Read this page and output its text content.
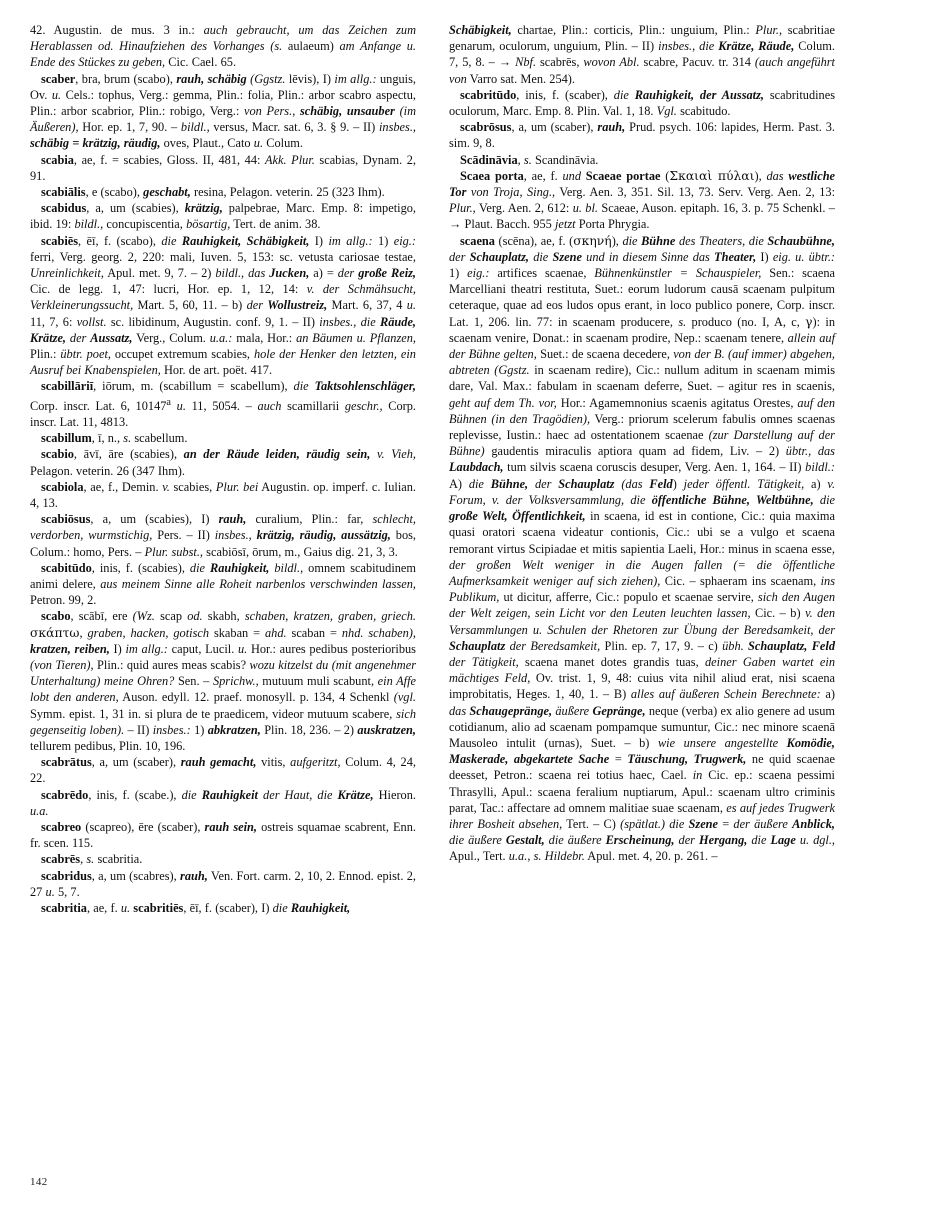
42. Augustin. de mus. 3 in.: auch gebraucht, um das Zeichen zum Herablassen od. Hinaufziehen des Vorhanges (s. aulaeum) am Anfange u. Ende des Stückes zu geben, Cic. Cael. 65.

scaber, bra, brum (scabo), rauh, schäbig (Ggstz. lēvis), I) im allg.: unguis, Ov. u. Cels.: tophus, Verg.: gemma, Plin.: folia, Plin.: arbor scabro aspectu, Plin.: arbor scabrior, Plin.: robigo, Verg.: von Pers., schäbig, unsauber (im Äußeren), Hor. ep. 1, 7, 90. – bildl., versus, Macr. sat. 6, 3. § 9. – II) insbes., schäbig = krätzig, räudig, oves, Plaut., Cato u. Colum.

scabia, ae, f. = scabies, Gloss. II, 481, 44: Akk. Plur. scabias, Dynam. 2, 91.

scabiālis, e (scabo), geschabt, resina, Pelagon. veterin. 25 (323 Ihm).

scabidus, a, um (scabies), krätzig, palpebrae, Marc. Emp. 8: impetigo, ibid. 19: bildl., concupiscentia, bösartig, Tert. de anim. 38.

scabiēs, ēī, f. (scabo), die Rauhigkeit, Schäbigkeit, I) im allg.: 1) eig.: ferri, Verg. georg. 2, 220: mali, Iuven. 5, 153: sc. vetusta cariosae testae, Unreinlichkeit, Apul. met. 9, 7. – 2) bildl., das Jucken, a) = der große Reiz, Cic. de legg. 1, 47: lucri, Hor. ep. 1, 12, 14: v. der Schmähsucht, Verkleinerungssucht, Mart. 5, 60, 11. – b) der Wollustreiz, Mart. 6, 37, 4 u. 11, 7, 6: vollst. sc. libidinum, Augustin. conf. 9, 1. – II) insbes., die Räude, Krätze, der Aussatz, Verg., Colum. u.a.: mala, Hor.: an Bäumen u. Pflanzen, Plin.: übtr. poet, occupet extremum scabies, hole der Henker den letzten, ein Ausruf bei Knabenspielen, Hor. de art. poët. 417.

scabillāriī, iōrum, m. (scabillum = scabellum), die Taktsohlenschläger, Corp. inscr. Lat. 6, 10147$^a$ u. 11, 5054. – auch scamillarii geschr., Corp. inscr. Lat. 11, 4813.

scabillum, ī, n., s. scabellum.

scabio, āvī, āre (scabies), an der Räude leiden, räudig sein, v. Vieh, Pelagon. veterin. 26 (347 Ihm).

scabiola, ae, f., Demin. v. scabies, Plur. bei Augustin. op. imperf. c. Iulian. 4, 13.

scabiōsus, a, um (scabies), I) rauh, curalium, Plin.: far, schlecht, verdorben, wurmstichig, Pers. – II) insbes., krätzig, räudig, aussätzig, bos, Colum.: homo, Pers. – Plur. subst., scabiōsī, ōrum, m., Gaius dig. 21, 3, 3.

scabitūdo, inis, f. (scabies), die Rauhigkeit, bildl., omnem scabitudinem animi delere, aus meinem Sinne alle Roheit narbenlos verschwinden lassen, Petron. 99, 2.

scabo, scābī, ere (Wz. scap od. skabh, schaben, kratzen, graben, griech. σκάπτω, graben, hacken, gotisch skaban = ahd. scaban = nhd. schaben), kratzen, reiben, I) im allg.: caput, Lucil. u. Hor.: aures pedibus posterioribus (von Tieren), Plin.: quid aures meas scabis? wozu kitzelst du (mit angenehmer Unterhaltung) meine Ohren? Sen. – Sprichw., mutuum muli scabunt, ein Affe lobt den anderen, Auson. edyll. 12. praef. monosyll. p. 134, 4 Schenkl (vgl. Symm. epist. 1, 31 in. si plura de te praedicem, videor mutuum scabere, sich gegenseitig loben). – II) insbes.: 1) abkratzen, Plin. 18, 236. – 2) auskratzen, tellurem pedibus, Plin. 10, 196.

scabrātus, a, um (scaber), rauh gemacht, vitis, aufgeritzt, Colum. 4, 24, 22.

scabrēdo, inis, f. (scabe.), die Rauhigkeit der Haut, die Krätze, Hieron. u.a.

scabreo (scapreo), ēre (scaber), rauh sein, ostreis squamae scabrent, Enn. fr. scen. 115.

scabrēs, s. scabritia.

scabridus, a, um (scabres), rauh, Ven. Fort. carm. 2, 10, 2. Ennod. epist. 2, 27 u. 5, 7.

scabritia, ae, f. u. scabritiēs, ēī, f. (scaber), I) die Rauhigkeit,

Schäbigkeit, chartae, Plin.: corticis, Plin.: unguium, Plin.: Plur., scabritiae genarum, oculorum, unguium, Plin. – II) insbes., die Krätze, Räude, Colum. 7, 5, 8. – → Nbf. scabrēs, wovon Abl. scabre, Pacuv. tr. 314 (auch angeführt von Varro sat. Men. 254).

scabritūdo, inis, f. (scaber), die Rauhigkeit, der Aussatz, scabritudines oculorum, Marc. Emp. 8. Plin. Val. 1, 18. Vgl. scabitudo.

scabrōsus, a, um (scaber), rauh, Prud. psych. 106: lapides, Herm. Past. 3. sim. 9, 8.

Scādināvia, s. Scandināvia.

Scaea porta, ae, f. und Scaeae portae (Σκαιαὶ πύλαι), das westliche Tor von Troja, Sing., Verg. Aen. 3, 351. Sil. 13, 73. Serv. Verg. Aen. 2, 13: Plur., Verg. Aen. 2, 612: u. bl. Scaeae, Auson. epitaph. 16, 3. p. 75 Schenkl. – → Plaut. Bacch. 955 jetzt Porta Phrygia.

scaena (scēna), ae, f. (σκηνή), die Bühne des Theaters, die Schaubühne, der Schauplatz, die Szene und in diesem Sinne das Theater, I) eig. u. übtr.: 1) eig.: artifices scaenae, Bühnenkünstler = Schauspieler, Sen.: scaena Marcelliani theatri restituta, Suet.: eorum ludorum causā scaenam pulpitum ceteraque, quae ad eos ludos opus erant, in loco publico ponere, Corp. inscr. Lat. 1, 206. lin. 77: in scaenam producere, s. produco (no. I, A, c, γ): in scaenam venire, Donat.: in scaenam prodire, Nep.: scaenam tenere, allein auf der Bühne gelten, Suet.: de scaena decedere, von der B. (auf immer) abgehen, abtreten (Ggstz. in scaenam redire), Cic.: nullum aditum in scaenam mimis dare, Val. Max.: fabulam in scaenam deferre, Suet. – agitur res in scaenis, geht auf dem Th. vor, Hor.: Agamemnonius scaenis agitatus Orestes, auf den Bühnen (in den Tragödien), Verg.: priorum scelerum fabulis omnes scaenas replevisse, Iustin.: haec ad ostentationem scaenae (zur Darstellung auf der Bühne) gaudentis miraculis aptiora quam ad fidem, Liv. – 2) übtr., das Laubdach, tum silvis scaena coruscis desuper, Verg. Aen. 1, 164. – II) bildl.: A) die Bühne, der Schauplatz (das Feld) jeder öffentl. Tätigkeit, a) v. Forum, v. der Volksversammlung, die öffentliche Bühne, Weltbühne, die große Welt, Öffentlichkeit, in scaena, id est in contione, Cic.: quia maxima quasi oratori scaena videatur contionis, Cic.: ubi se a vulgo et scaena remorant virtus Scipiadae et mitis sapientia Laeli, Hor.: minus in scaena esse, der großen Welt weniger in die Augen fallen (= die öffentliche Aufmerksamkeit weniger auf sich ziehen), Cic. – sphaeram ins scaenam, ins Publikum, ut dicitur, afferre, Cic.: populo et scaenae servire, sich den Augen der Welt zeigen, sein Licht vor den Leuten leuchten lassen, Cic. – b) v. den Versammlungen u. Schulen der Rhetoren zur Übung der Beredsamkeit, der Schauplatz der Beredsamkeit, Plin. ep. 7, 17, 9. – c) übh. Schauplatz, Feld der Tätigkeit, scaena manet dotes grandis tuas, deiner Gaben wartet ein mächtiges Feld, Ov. trist. 1, 9, 48: cuius vita nihil aliud erat, nisi scaena improbitatis, Heges. 1, 40, 1. – B) alles auf äußeren Schein Berechnete: a) das Schaugepränge, äußere Gepränge, neque (verba) ex alio genere ad usum cotidianum, alio ad scaenam pompamque sumuntur, Cic.: nec minore scaenā Mausoleo intulit (urnas), Suet. – b) wie unsere angestellte Komödie, Maskerade, abgekartete Sache = Täuschung, Trugwerk, ne quid scaenae deesset, Petron.: scaena rei totius haec, Cael. in Cic. ep.: scaena pessimi Thrasylli, Apul.: scaena feralium nuptiarum, Apul.: scaenam ultro criminis parat, Tac.: affectare ad omnem malitiae suae scaenam, es auf jedes Trugwerk ihrer Bosheit absehen, Tert. – C) (spätlat.) die Szene = der äußere Anblick, die äußere Gestalt, die äußere Erscheinung, der Hergang, die Lage u. dgl., Apul., Tert. u.a., s. Hildebr. Apul. met. 4, 20. p. 261. –

142
